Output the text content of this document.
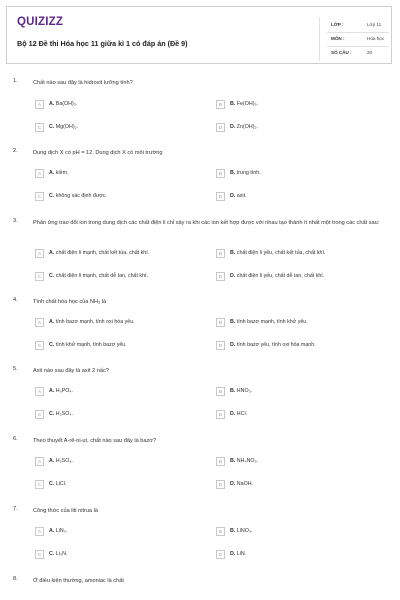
QUIZIZZ
Bộ 12 Đề thi Hóa học 11 giữa kì 1 có đáp án (Đề 9)
LỚP :	Lớp 11
MÔN :	Hóa học
SỐ CÂU :	20
1.	Chất nào sau đây là hidroxit lưỡng tính?
A	A. Ba(OH)₂.	B	B. Fe(OH)₃.
C	C. Mg(OH)₂.	D	D. Zn(OH)₂.
2.	Dung dịch X có pH = 12. Dung dịch X có môi trường
A	A. kiềm.	B	B. trung tính.
C	C. không xác định được.	D	D. axit.
3.	Phản ứng trao đổi ion trong dung dịch các chất điện li chỉ xảy ra khi các ion kết hợp được với nhau tạo thành ít nhất một trong các chất sau:
A	A. chất điện li mạnh, chất kết tủa, chất khí.	B	B. chất điện li yếu, chất kết tủa, chất khí.
C	C. chất điện li mạnh, chất dễ tan, chất khí.	D	D. chất điện li yếu, chất dễ tan, chất khí.
4.	Tính chất hóa học của NH₃ là
A	A. tính bazơ mạnh, tính oxi hóa yếu.	B	B. tính bazơ mạnh, tính khử yếu.
C	C. tính khử mạnh, tính bazơ yếu.	D	D. tính bazơ yếu, tính oxi hóa mạnh.
5.	Axit nào sau đây là axit 2 nấc?
A	A. H₃PO₄.	B	B. HNO₃.
C	C. H₂SO₄.	D	D. HCl.
6.	Theo thuyết A-rê-ni-ut, chất nào sau đây là bazơ?
A	A. H₂SO₄.	B	B. NH₄NO₃.
C	C. LiCl.	D	D. NaOH.
7.	Công thức của liti nitrua là
A	A. LiN₃.	B	B. LiNO₃.
C	C. Li₃N.	D	D. LiN.
8.	Ở điều kiện thường, amoniac là chất
